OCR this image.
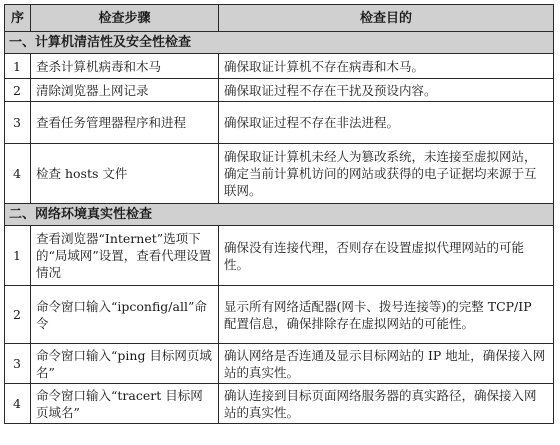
序	检查步骤	检查目的
一、计算机清洁性及安全性检查		
1	查杀计算机病毒和木马	确保取证计算机不存在病毒和木马。
2	清除浏览器上网记录	确保取证过程不存在干扰及预设内容。
3	查看任务管理器程序和进程	确保取证过程不存在非法进程。
4	检查 hosts 文件	确保取证计算机未经人为篡改系统，未连接至虚拟网站，确定当前计算机访问的网站或获得的电子证据均来源于互联网。
二、网络环境真实性检查		
1	查看浏览器“Internet”选项下的“局域网”设置，查看代理设置情况	确保没有连接代理，否则存在设置虚拟代理网站的可能性。
2	命令窗口输入“ipconfig/all”命令	显示所有网络适配器(网卡、拨号连接等)的完整 TCP/IP 配置信息，确保排除存在虚拟网站的可能性。
3	命令窗口输入“ping 目标网页域名”	确认网络是否连通及显示目标网站的 IP 地址，确保接入网站的真实性。
4	命令窗口输入“tracert 目标网页域名”	确认连接到目标页面网络服务器的真实路径，确保接入网站的真实性。
